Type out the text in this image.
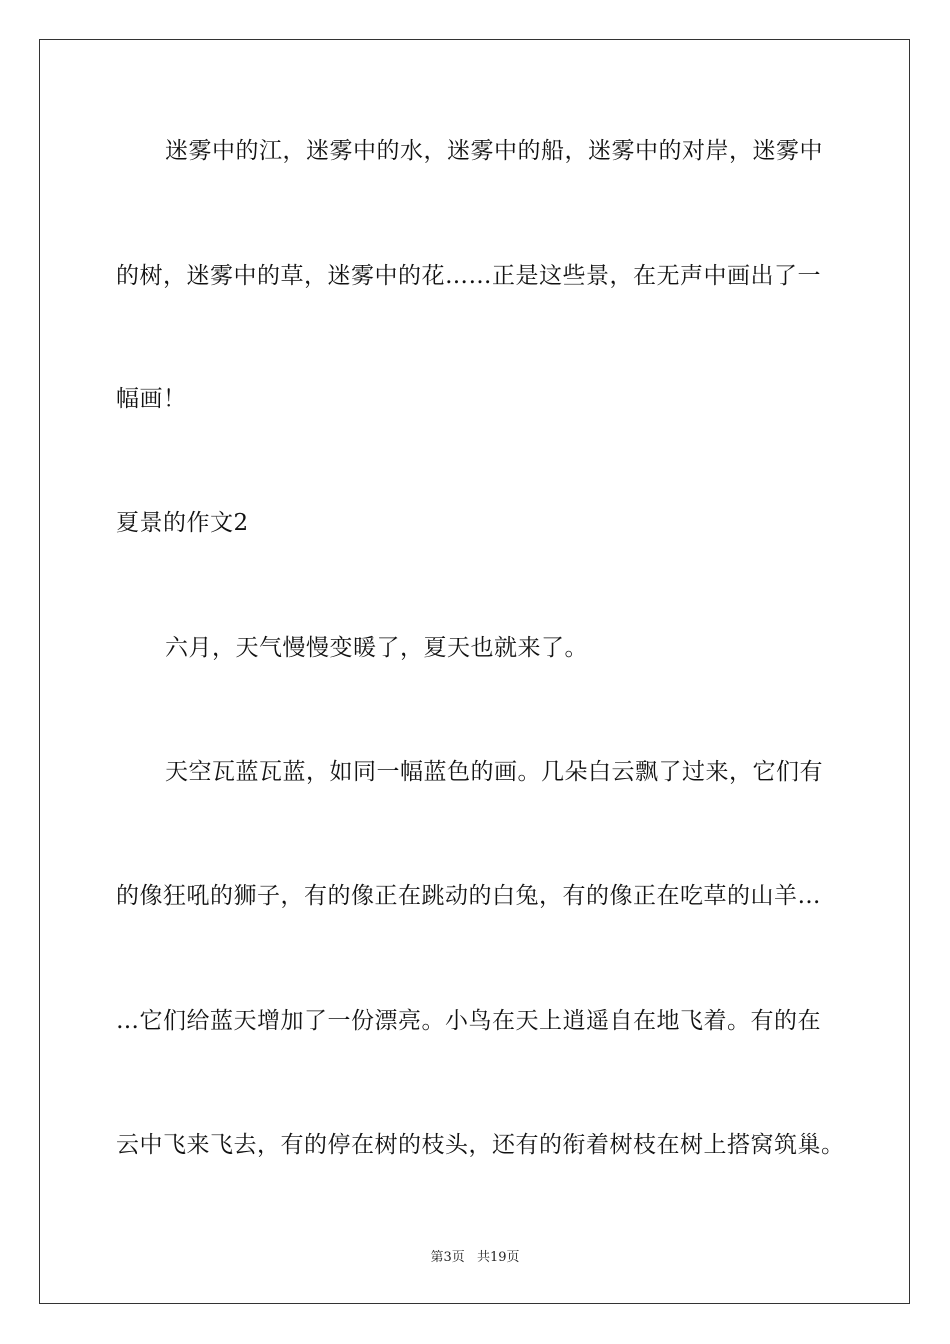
迷雾中的江，迷雾中的水，迷雾中的船，迷雾中的对岸，迷雾中
的树，迷雾中的草，迷雾中的花……正是这些景，在无声中画出了一
幅画！
夏景的作文2
六月，天气慢慢变暖了，夏天也就来了。
天空瓦蓝瓦蓝，如同一幅蓝色的画。几朵白云飘了过来，它们有
的像狂吼的狮子，有的像正在跳动的白兔，有的像正在吃草的山羊…
…它们给蓝天增加了一份漂亮。小鸟在天上逍遥自在地飞着。有的在
云中飞来飞去，有的停在树的枝头，还有的衔着树枝在树上搭窝筑巢。
第3页 共19页
